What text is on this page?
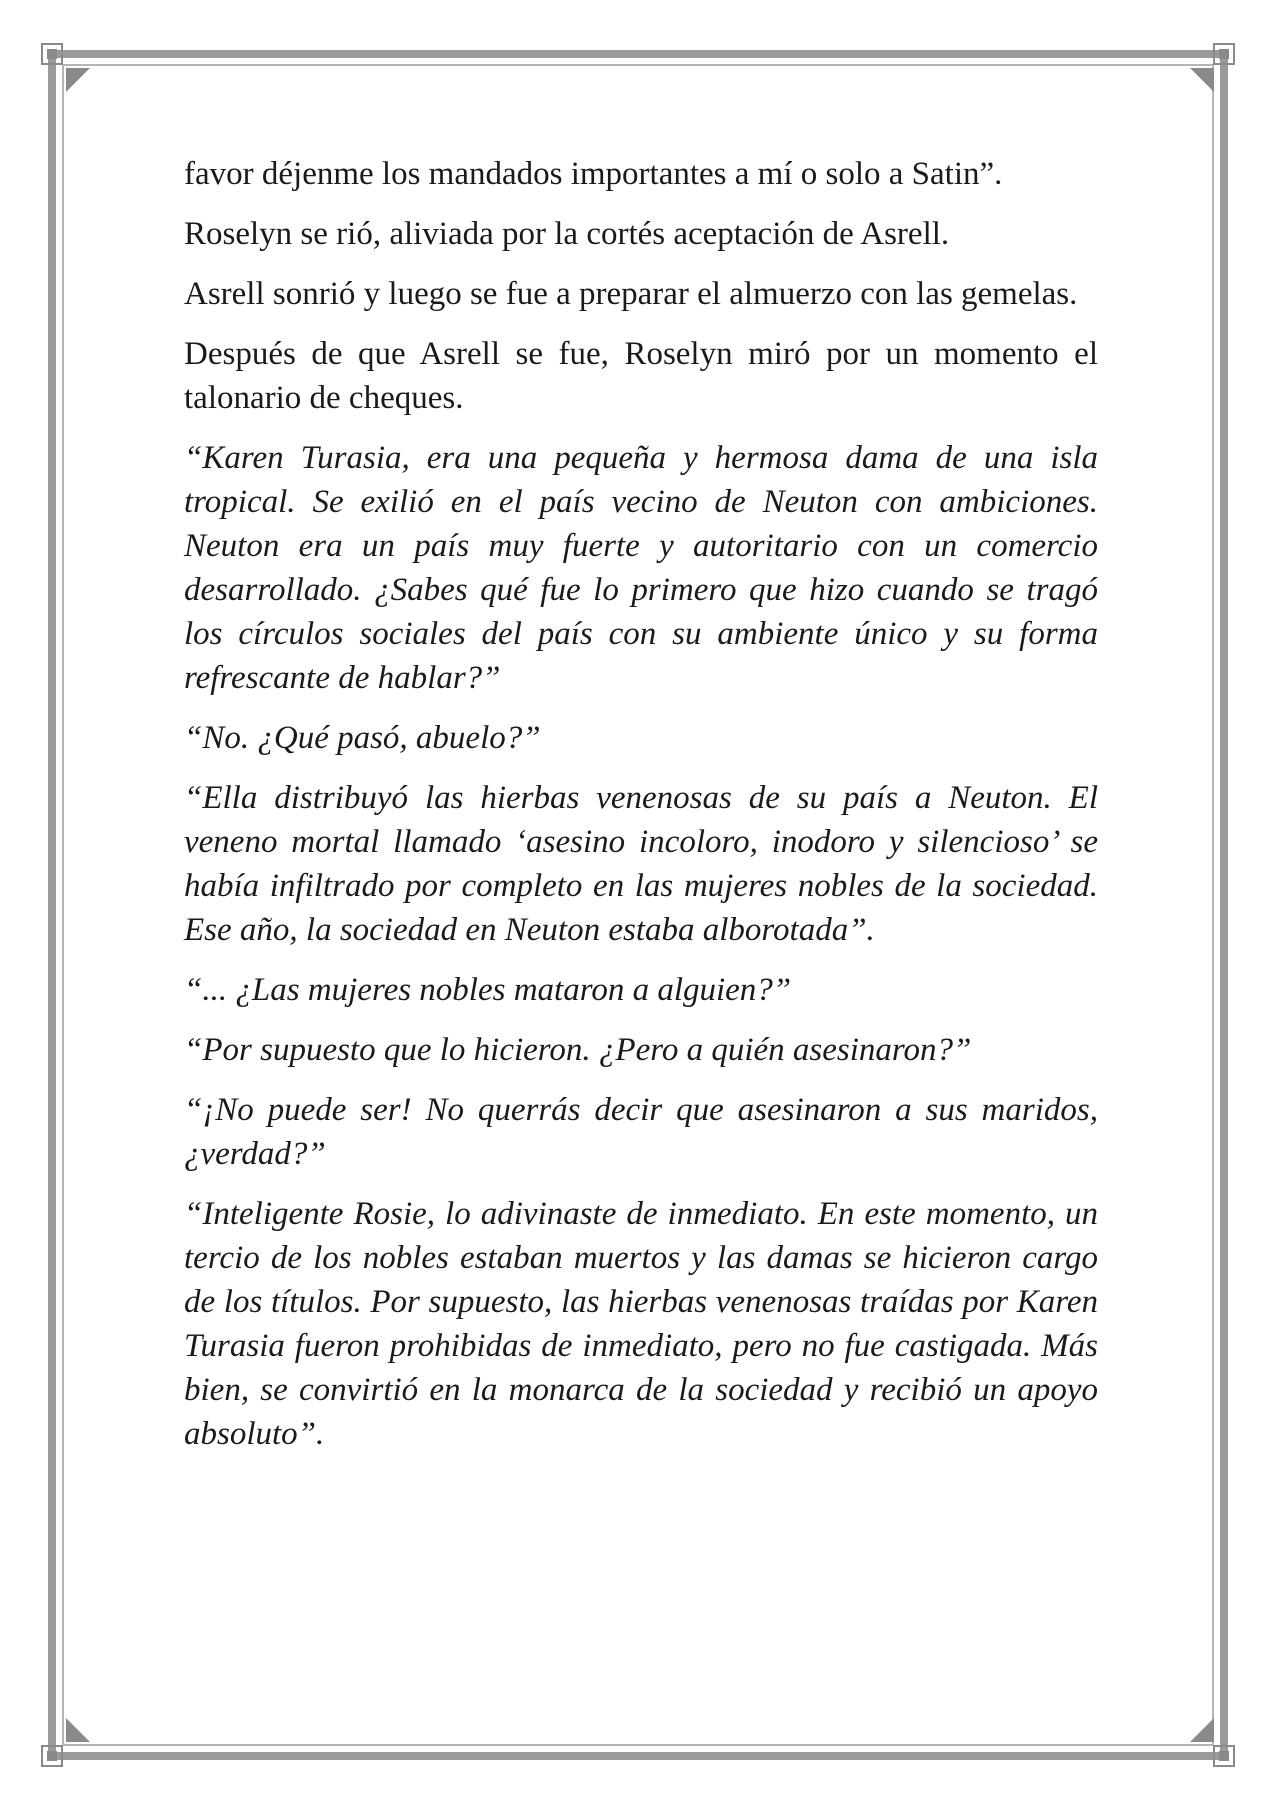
favor déjenme los mandados importantes a mí o solo a Satin”.

Roselyn se rió, aliviada por la cortés aceptación de Asrell.

Asrell sonrió y luego se fue a preparar el almuerzo con las gemelas.

Después de que Asrell se fue, Roselyn miró por un momento el talonario de cheques.

“Karen Turasia, era una pequeña y hermosa dama de una isla tropical. Se exilió en el país vecino de Neuton con ambiciones. Neuton era un país muy fuerte y autoritario con un comercio desarrollado. ¿Sabes qué fue lo primero que hizo cuando se tragó los círculos sociales del país con su ambiente único y su forma refrescante de hablar?”

“No. ¿Qué pasó, abuelo?”

“Ella distribuyó las hierbas venenosas de su país a Neuton. El veneno mortal llamado ‘asesino incoloro, inodoro y silencioso’ se había infiltrado por completo en las mujeres nobles de la sociedad. Ese año, la sociedad en Neuton estaba alborotada”.

“... ¿Las mujeres nobles mataron a alguien?”

“Por supuesto que lo hicieron. ¿Pero a quién asesinaron?”

“¡No puede ser! No querrás decir que asesinaron a sus maridos, ¿verdad?”

“Inteligente Rosie, lo adivinaste de inmediato. En este momento, un tercio de los nobles estaban muertos y las damas se hicieron cargo de los títulos. Por supuesto, las hierbas venenosas traídas por Karen Turasia fueron prohibidas de inmediato, pero no fue castigada. Más bien, se convirtió en la monarca de la sociedad y recibió un apoyo absoluto”.
